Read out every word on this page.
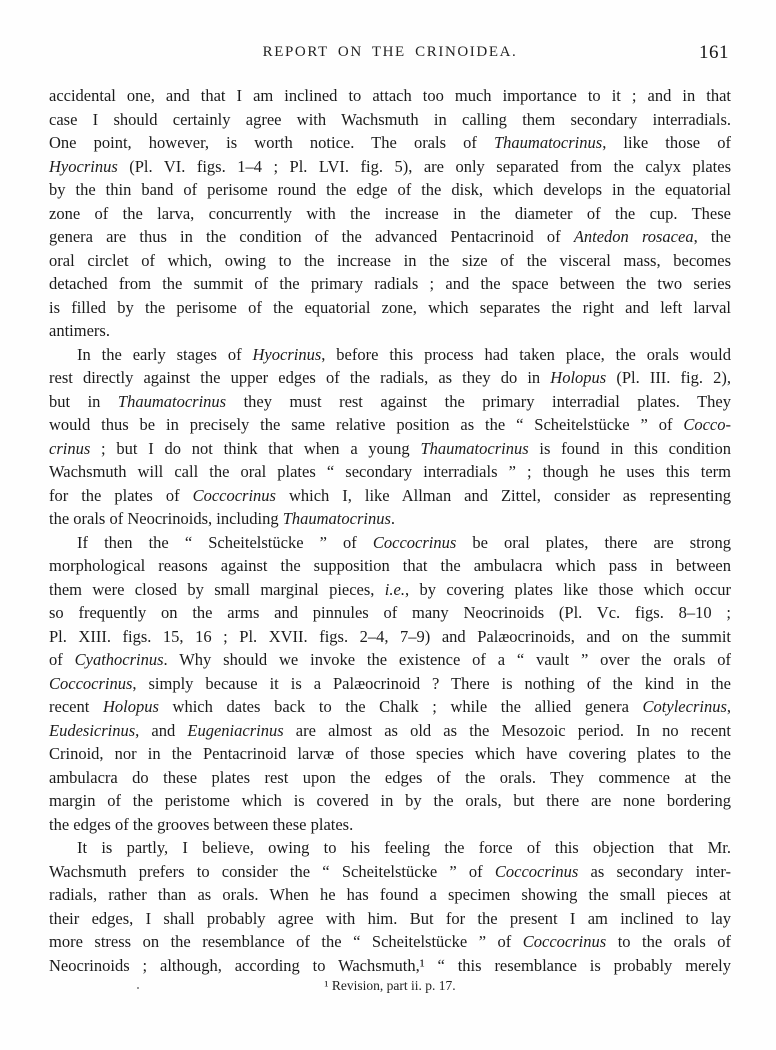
REPORT ON THE CRINOIDEA.	161
accidental one, and that I am inclined to attach too much importance to it ; and in that
case I should certainly agree with Wachsmuth in calling them secondary interradials.
One point, however, is worth notice. The orals of Thaumatocrinus, like those of
Hyocrinus (Pl. VI. figs. 1–4 ; Pl. LVI. fig. 5), are only separated from the calyx plates
by the thin band of perisome round the edge of the disk, which develops in the equatorial
zone of the larva, concurrently with the increase in the diameter of the cup. These
genera are thus in the condition of the advanced Pentacrinoid of Antedon rosacea, the
oral circlet of which, owing to the increase in the size of the visceral mass, becomes
detached from the summit of the primary radials ; and the space between the two series
is filled by the perisome of the equatorial zone, which separates the right and left larval
antimers.
In the early stages of Hyocrinus, before this process had taken place, the orals would
rest directly against the upper edges of the radials, as they do in Holopus (Pl. III. fig. 2),
but in Thaumatocrinus they must rest against the primary interradial plates. They
would thus be in precisely the same relative position as the “ Scheitelstücke ” of Cocco-
crinus ; but I do not think that when a young Thaumatocrinus is found in this condition
Wachsmuth will call the oral plates “ secondary interradials ” ; though he uses this term
for the plates of Coccocrinus which I, like Allman and Zittel, consider as representing
the orals of Neocrinoids, including Thaumatocrinus.
If then the “ Scheitelstücke ” of Coccocrinus be oral plates, there are strong
morphological reasons against the supposition that the ambulacra which pass in between
them were closed by small marginal pieces, i.e., by covering plates like those which occur
so frequently on the arms and pinnules of many Neocrinoids (Pl. Vc. figs. 8–10 ;
Pl. XIII. figs. 15, 16 ; Pl. XVII. figs. 2–4, 7–9) and Palæocrinoids, and on the summit
of Cyathocrinus. Why should we invoke the existence of a “ vault ” over the orals of
Coccocrinus, simply because it is a Palæocrinoid ? There is nothing of the kind in the
recent Holopus which dates back to the Chalk ; while the allied genera Cotylecrinus,
Eudesicrinus, and Eugeniacrinus are almost as old as the Mesozoic period. In no recent
Crinoid, nor in the Pentacrinoid larvæ of those species which have covering plates to the
ambulacra do these plates rest upon the edges of the orals. They commence at the
margin of the peristome which is covered in by the orals, but there are none bordering
the edges of the grooves between these plates.
It is partly, I believe, owing to his feeling the force of this objection that Mr.
Wachsmuth prefers to consider the “ Scheitelstücke ” of Coccocrinus as secondary inter-
radials, rather than as orals. When he has found a specimen showing the small pieces at
their edges, I shall probably agree with him. But for the present I am inclined to lay
more stress on the resemblance of the “ Scheitelstücke ” of Coccocrinus to the orals of
Neocrinoids ; although, according to Wachsmuth,¹ “ this resemblance is probably merely
¹ Revision, part ii. p. 17.
